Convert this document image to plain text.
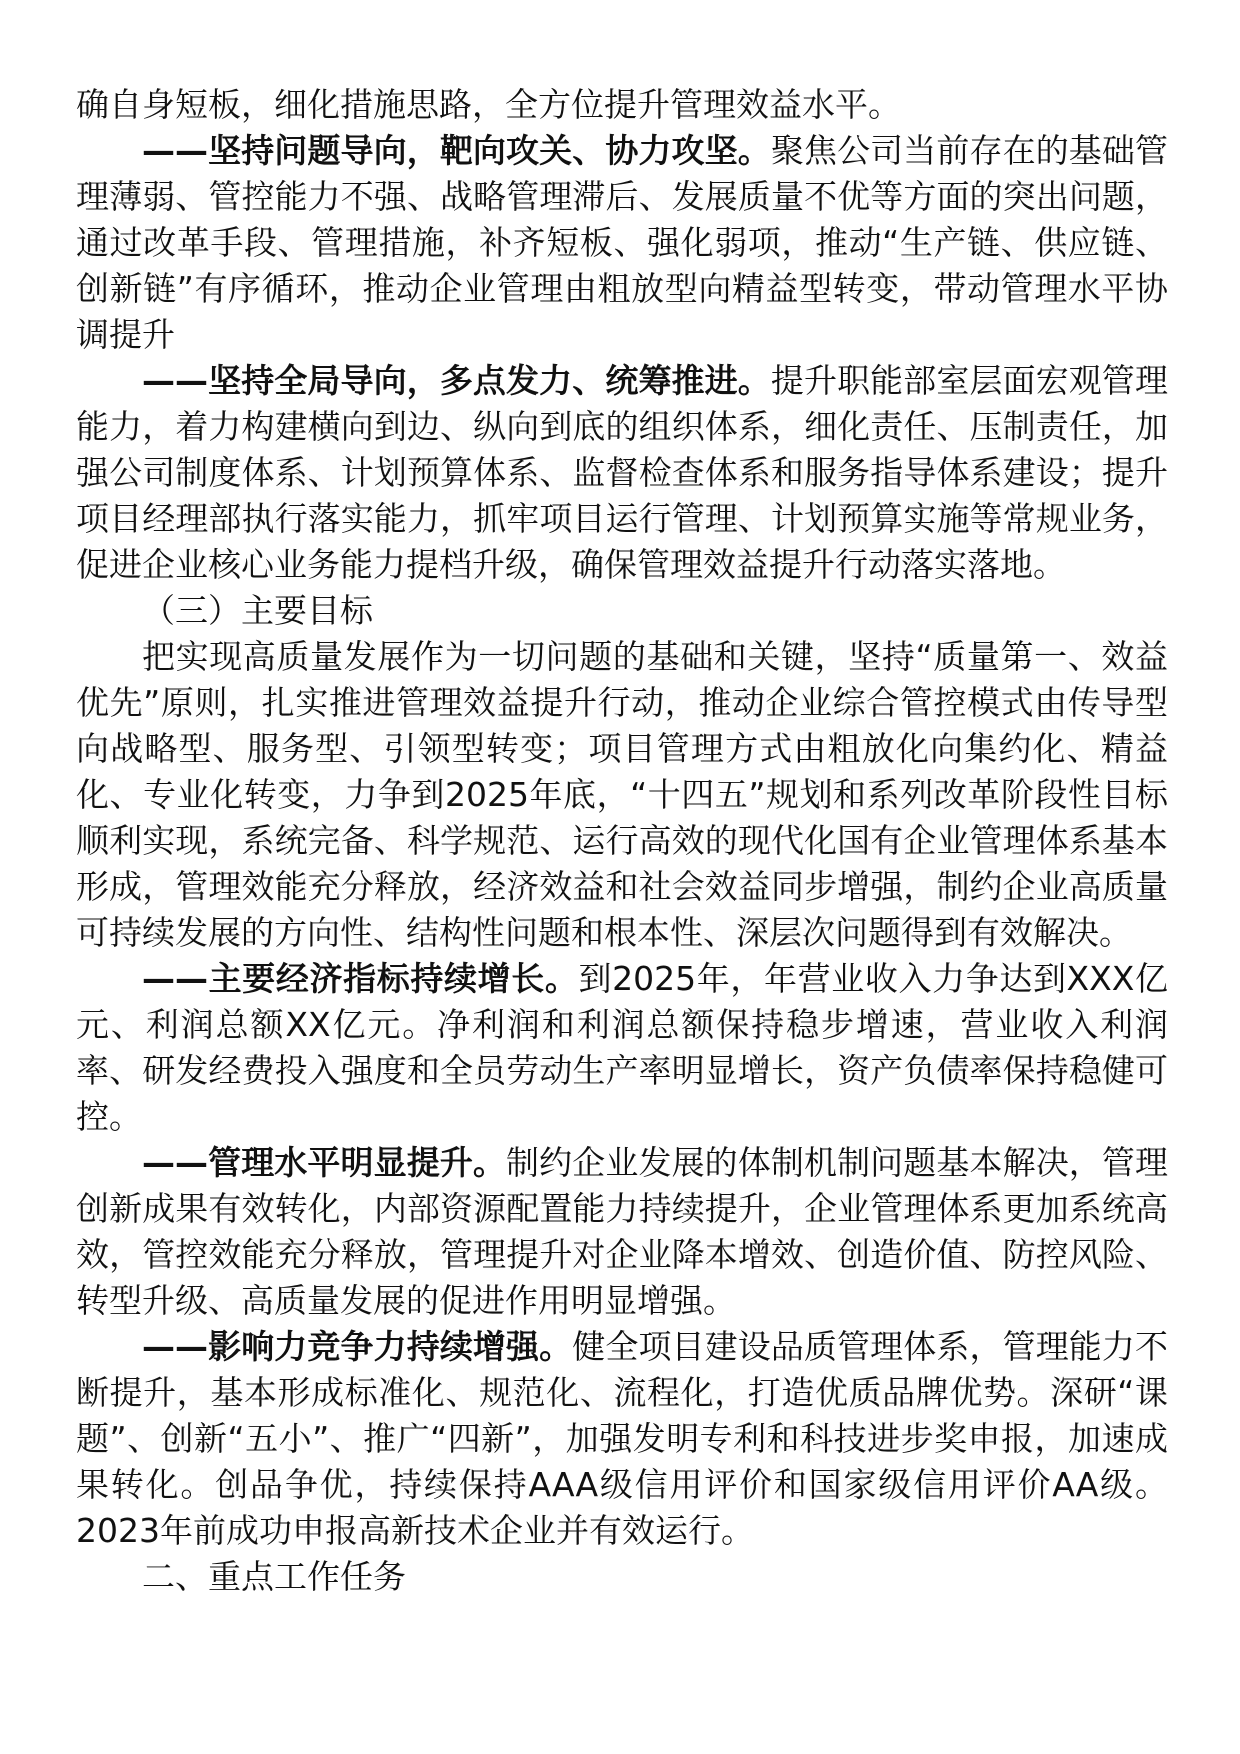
确自身短板，细化措施思路，全方位提升管理效益水平。

——坚持问题导向，靶向攻关、协力攻坚。聚焦公司当前存在的基础管理薄弱、管控能力不强、战略管理滞后、发展质量不优等方面的突出问题，通过改革手段、管理措施，补齐短板、强化弱项，推动“生产链、供应链、创新链”有序循环，推动企业管理由粗放型向精益型转变，带动管理水平协调提升

——坚持全局导向，多点发力、统筹推进。提升职能部室层面宏观管理能力，着力构建横向到边、纵向到底的组织体系，细化责任、压制责任，加强公司制度体系、计划预算体系、监督检查体系和服务指导体系建设；提升项目经理部执行落实能力，抓牢项目运行管理、计划预算实施等常规业务，促进企业核心业务能力提档升级，确保管理效益提升行动落实落地。

（三）主要目标

把实现高质量发展作为一切问题的基础和关键，坚持“质量第一、效益优先”原则，扎实推进管理效益提升行动，推动企业综合管控模式由传导型向战略型、服务型、引领型转变；项目管理方式由粗放化向集约化、精益化、专业化转变，力争到2025年底，“十四五”规划和系列改革阶段性目标顺利实现，系统完备、科学规范、运行高效的现代化国有企业管理体系基本形成，管理效能充分释放，经济效益和社会效益同步增强，制约企业高质量可持续发展的方向性、结构性问题和根本性、深层次问题得到有效解决。

——主要经济指标持续增长。到2025年，年营业收入力争达到XXX亿元、利润总额XX亿元。净利润和利润总额保持稳步增速，营业收入利润率、研发经费投入强度和全员劳动生产率明显增长，资产负债率保持稳健可控。

——管理水平明显提升。制约企业发展的体制机制问题基本解决，管理创新成果有效转化，内部资源配置能力持续提升，企业管理体系更加系统高效，管控效能充分释放，管理提升对企业降本增效、创造价值、防控风险、转型升级、高质量发展的促进作用明显增强。

——影响力竞争力持续增强。健全项目建设品质管理体系，管理能力不断提升，基本形成标准化、规范化、流程化，打造优质品牌优势。深研“课题”、创新“五小”、推广“四新”，加强发明专利和科技进步奖申报，加速成果转化。创品争优，持续保持AAA级信用评价和国家级信用评价AA级。2023年前成功申报高新技术企业并有效运行。

二、重点工作任务
